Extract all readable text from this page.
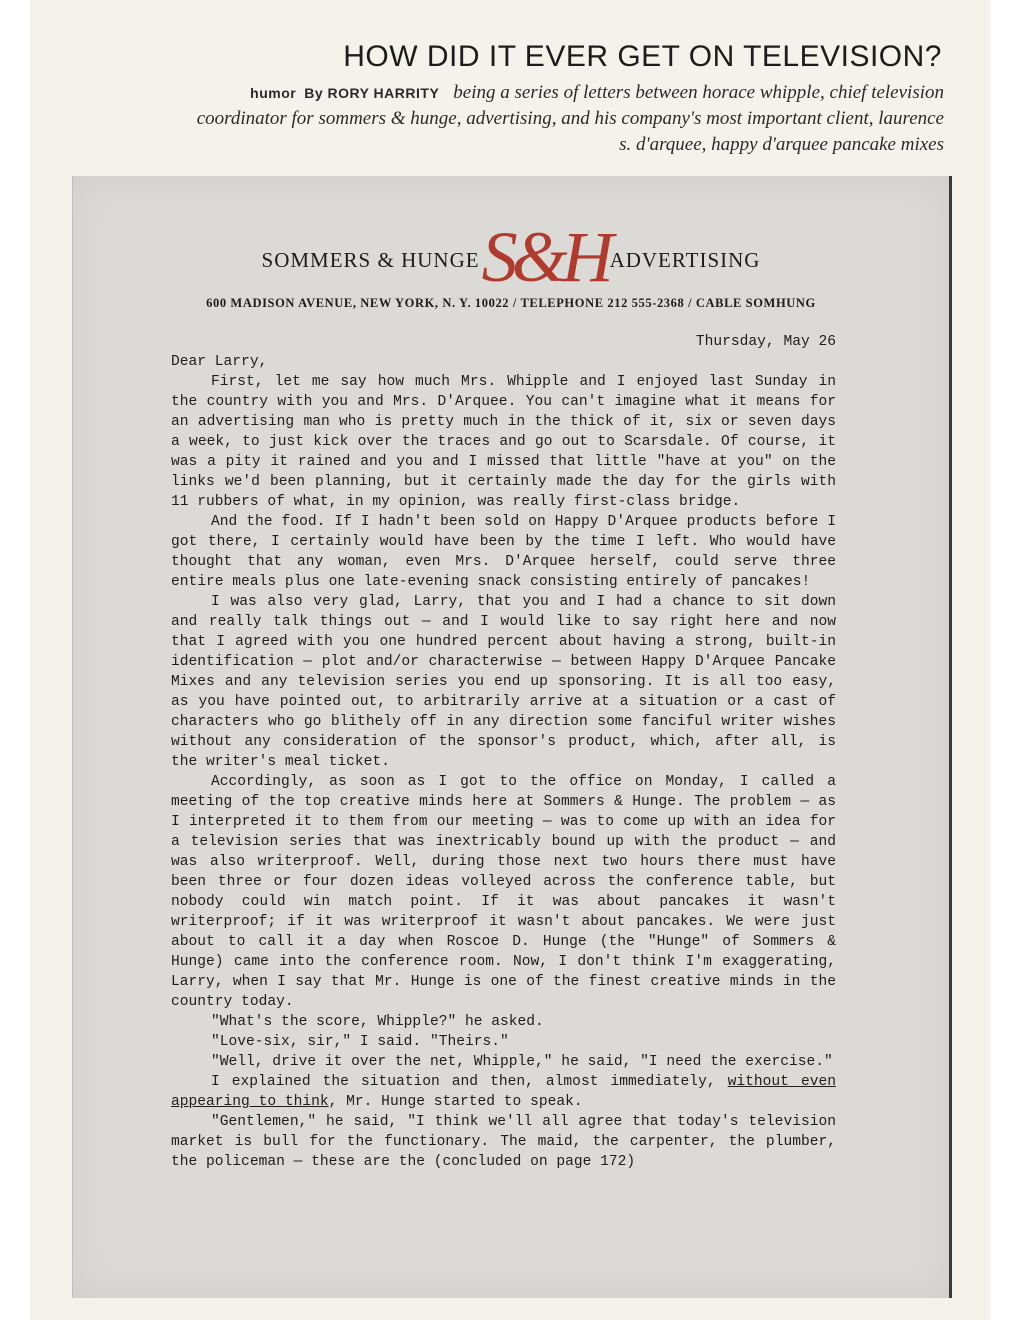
HOW DID IT EVER GET ON TELEVISION?
humor By RORY HARRITY being a series of letters between horace whipple, chief television coordinator for sommers & hunge, advertising, and his company's most important client, laurence s. d'arquee, happy d'arquee pancake mixes
SOMMERS & HUNGES&HADVERTISING
600 MADISON AVENUE, NEW YORK, N. Y. 10022 / TELEPHONE 212 555-2368 / CABLE SOMHUNG
Thursday, May 26

Dear Larry,

First, let me say how much Mrs. Whipple and I enjoyed last Sunday in the country with you and Mrs. D'Arquee. You can't imagine what it means for an advertising man who is pretty much in the thick of it, six or seven days a week, to just kick over the traces and go out to Scarsdale. Of course, it was a pity it rained and you and I missed that little "have at you" on the links we'd been planning, but it certainly made the day for the girls with 11 rubbers of what, in my opinion, was really first-class bridge.

And the food. If I hadn't been sold on Happy D'Arquee products before I got there, I certainly would have been by the time I left. Who would have thought that any woman, even Mrs. D'Arquee herself, could serve three entire meals plus one late-evening snack consisting entirely of pancakes!

I was also very glad, Larry, that you and I had a chance to sit down and really talk things out — and I would like to say right here and now that I agreed with you one hundred percent about having a strong, built-in identification — plot and/or characterwise — between Happy D'Arquee Pancake Mixes and any television series you end up sponsoring. It is all too easy, as you have pointed out, to arbitrarily arrive at a situation or a cast of characters who go blithely off in any direction some fanciful writer wishes without any consideration of the sponsor's product, which, after all, is the writer's meal ticket.

Accordingly, as soon as I got to the office on Monday, I called a meeting of the top creative minds here at Sommers & Hunge. The problem — as I interpreted it to them from our meeting — was to come up with an idea for a television series that was inextricably bound up with the product — and was also writerproof. Well, during those next two hours there must have been three or four dozen ideas volleyed across the conference table, but nobody could win match point. If it was about pancakes it wasn't writerproof; if it was writerproof it wasn't about pancakes. We were just about to call it a day when Roscoe D. Hunge (the "Hunge" of Sommers & Hunge) came into the conference room. Now, I don't think I'm exaggerating, Larry, when I say that Mr. Hunge is one of the finest creative minds in the country today.

"What's the score, Whipple?" he asked.

"Love-six, sir," I said. "Theirs."

"Well, drive it over the net, Whipple," he said, "I need the exercise."

I explained the situation and then, almost immediately, without even appearing to think, Mr. Hunge started to speak.

"Gentlemen," he said, "I think we'll all agree that today's television market is bull for the functionary. The maid, the carpenter, the plumber, the policeman — these are the (concluded on page 172)
